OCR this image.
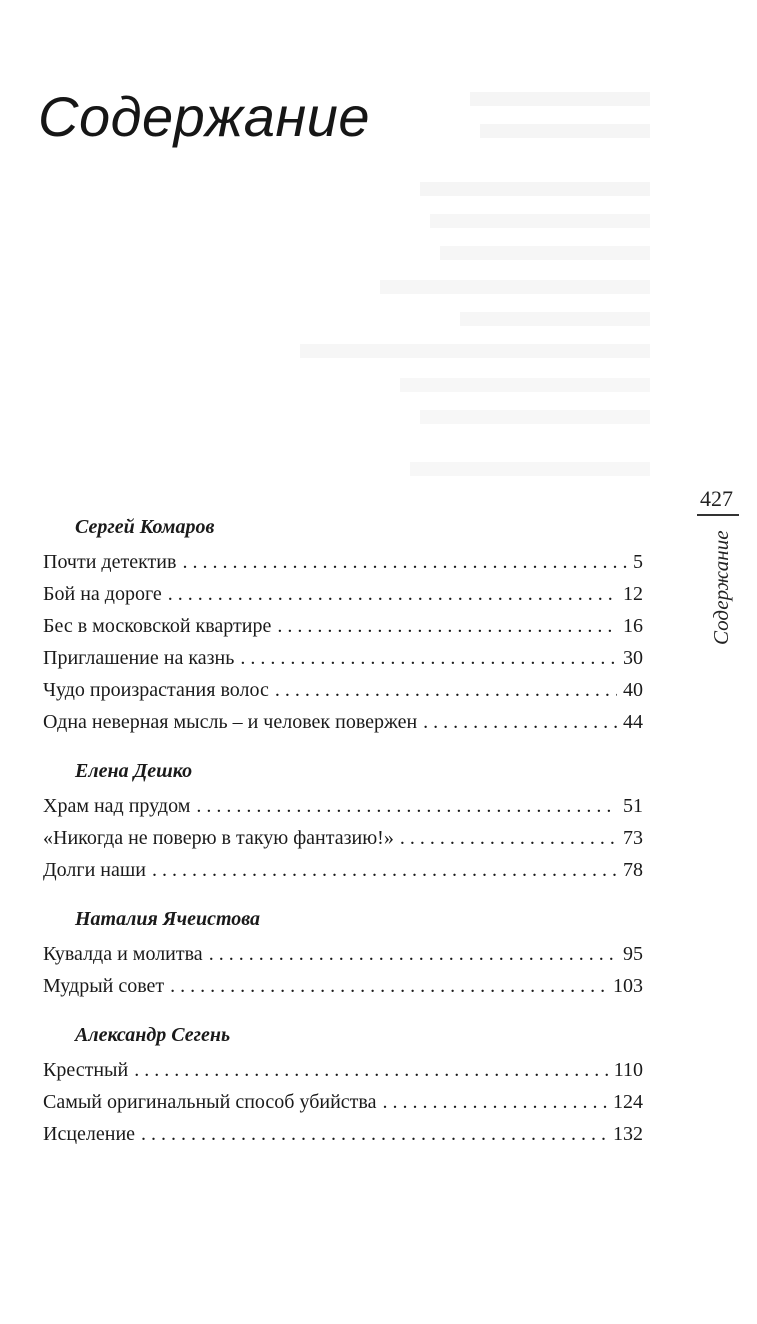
Содержание
427
Содержание
Сергей Комаров
Почти детектив . . .	5
Бой на дороге . . .	12
Бес в московской квартире . . .	16
Приглашение на казнь . . .	30
Чудо произрастания волос . . .	40
Одна неверная мысль – и человек повержен . . .	44
Елена Дешко
Храм над прудом . . .	51
«Никогда не поверю в такую фантазию!» . . .	73
Долги наши . . .	78
Наталия Ячеистова
Кувалда и молитва . . .	95
Мудрый совет . . .	103
Александр Сегень
Крестный . . .	110
Самый оригинальный способ убийства . . .	124
Исцеление . . .	132
